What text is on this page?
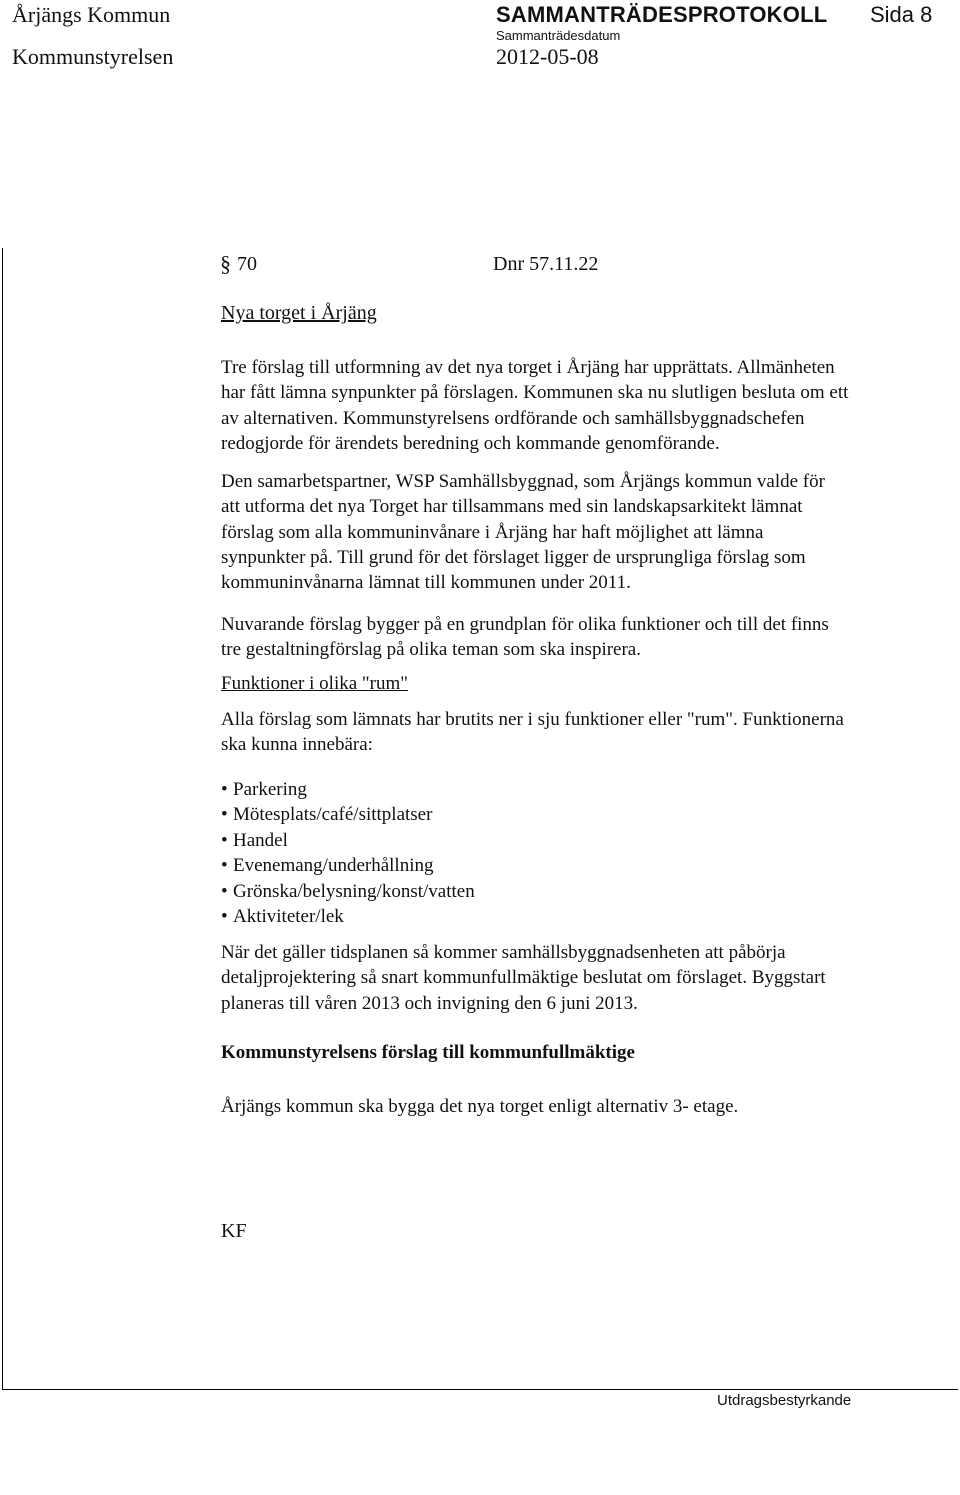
Årjängs Kommun	SAMMANTRÄDESPROTOKOLL Sida 8
Sammanträdesdatum
Kommunstyrelsen	2012-05-08
§ 70	Dnr 57.11.22
Nya torget i Årjäng
Tre förslag till utformning av det nya torget i Årjäng har upprättats. Allmänheten
har fått lämna synpunkter på förslagen. Kommunen ska nu slutligen besluta om ett
av alternativen. Kommunstyrelsens ordförande och samhällsbyggnadschefen
redogjorde för ärendets beredning och kommande genomförande.
Den samarbetspartner, WSP Samhällsbyggnad, som Årjängs kommun valde för
att utforma det nya Torget har tillsammans med sin landskapsarkitekt lämnat
förslag som alla kommuninvånare i Årjäng har haft möjlighet att lämna
synpunkter på. Till grund för det förslaget ligger de ursprungliga förslag som
kommuninvånarna lämnat till kommunen under 2011.
Nuvarande förslag bygger på en grundplan för olika funktioner och till det finns
tre gestaltningförslag på olika teman som ska inspirera.
Funktioner i olika "rum"
Alla förslag som lämnats har brutits ner i sju funktioner eller "rum". Funktionerna
ska kunna innebära:
• Parkering
• Mötesplats/café/sittplatser
• Handel
• Evenemang/underhållning
• Grönska/belysning/konst/vatten
• Aktiviteter/lek
När det gäller tidsplanen så kommer samhällsbyggnadsenheten att påbörja
detaljprojektering så snart kommunfullmäktige beslutat om förslaget. Byggstart
planeras till våren 2013 och invigning den 6 juni 2013.
Kommunstyrelsens förslag till kommunfullmäktige
Årjängs kommun ska bygga det nya torget enligt alternativ 3- etage.
KF
Utdragsbestyrkande
